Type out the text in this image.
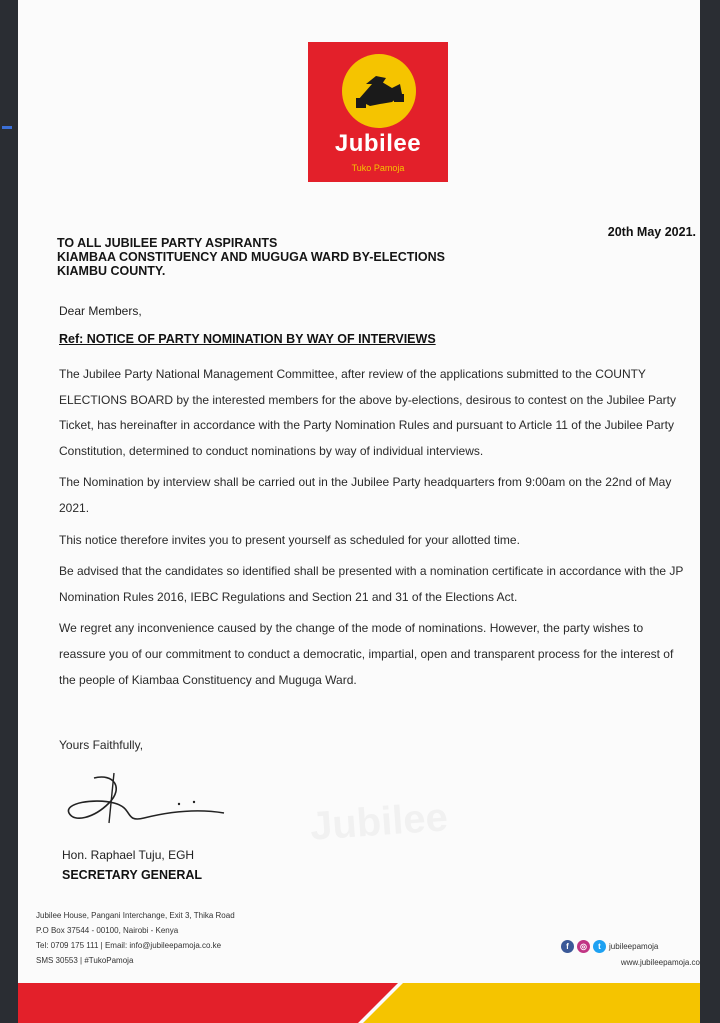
Jubilee
Tuko Pamoja
Jubilee
20th May 2021.
TO ALL JUBILEE PARTY ASPIRANTS
KIAMBAA CONSTITUENCY AND MUGUGA WARD BY-ELECTIONS
KIAMBU COUNTY.
Dear Members,
Ref: NOTICE OF PARTY NOMINATION BY WAY OF INTERVIEWS

The Jubilee Party National Management Committee, after review of the applications submitted to the COUNTY ELECTIONS BOARD by the interested members for the above by-elections, desirous to contest on the Jubilee Party Ticket, has hereinafter in accordance with the Party Nomination Rules and pursuant to Article 11 of the Jubilee Party Constitution, determined to conduct nominations by way of individual interviews.

The Nomination by interview shall be carried out in the Jubilee Party headquarters from 9:00am on the 22nd of May 2021.

This notice therefore invites you to present yourself as scheduled for your allotted time.

Be advised that the candidates so identified shall be presented with a nomination certificate in accordance with the JP Nomination Rules 2016, IEBC Regulations and Section 21 and 31 of the Elections Act.

We regret any inconvenience caused by the change of the mode of nominations. However, the party wishes to reassure you of our commitment to conduct a democratic, impartial, open and transparent process for the interest of the people of Kiambaa Constituency and Muguga Ward.

Yours Faithfully,
Hon. Raphael Tuju, EGH
SECRETARY GENERAL
Jubilee House, Pangani Interchange, Exit 3, Thika Road
P.O Box 37544 - 00100, Nairobi - Kenya
Tel: 0709 175 111 | Email: info@jubileepamoja.co.ke
SMS 30553 | #TukoPamoja
f	◎	t	jubileepamoja
www.jubileepamoja.co
